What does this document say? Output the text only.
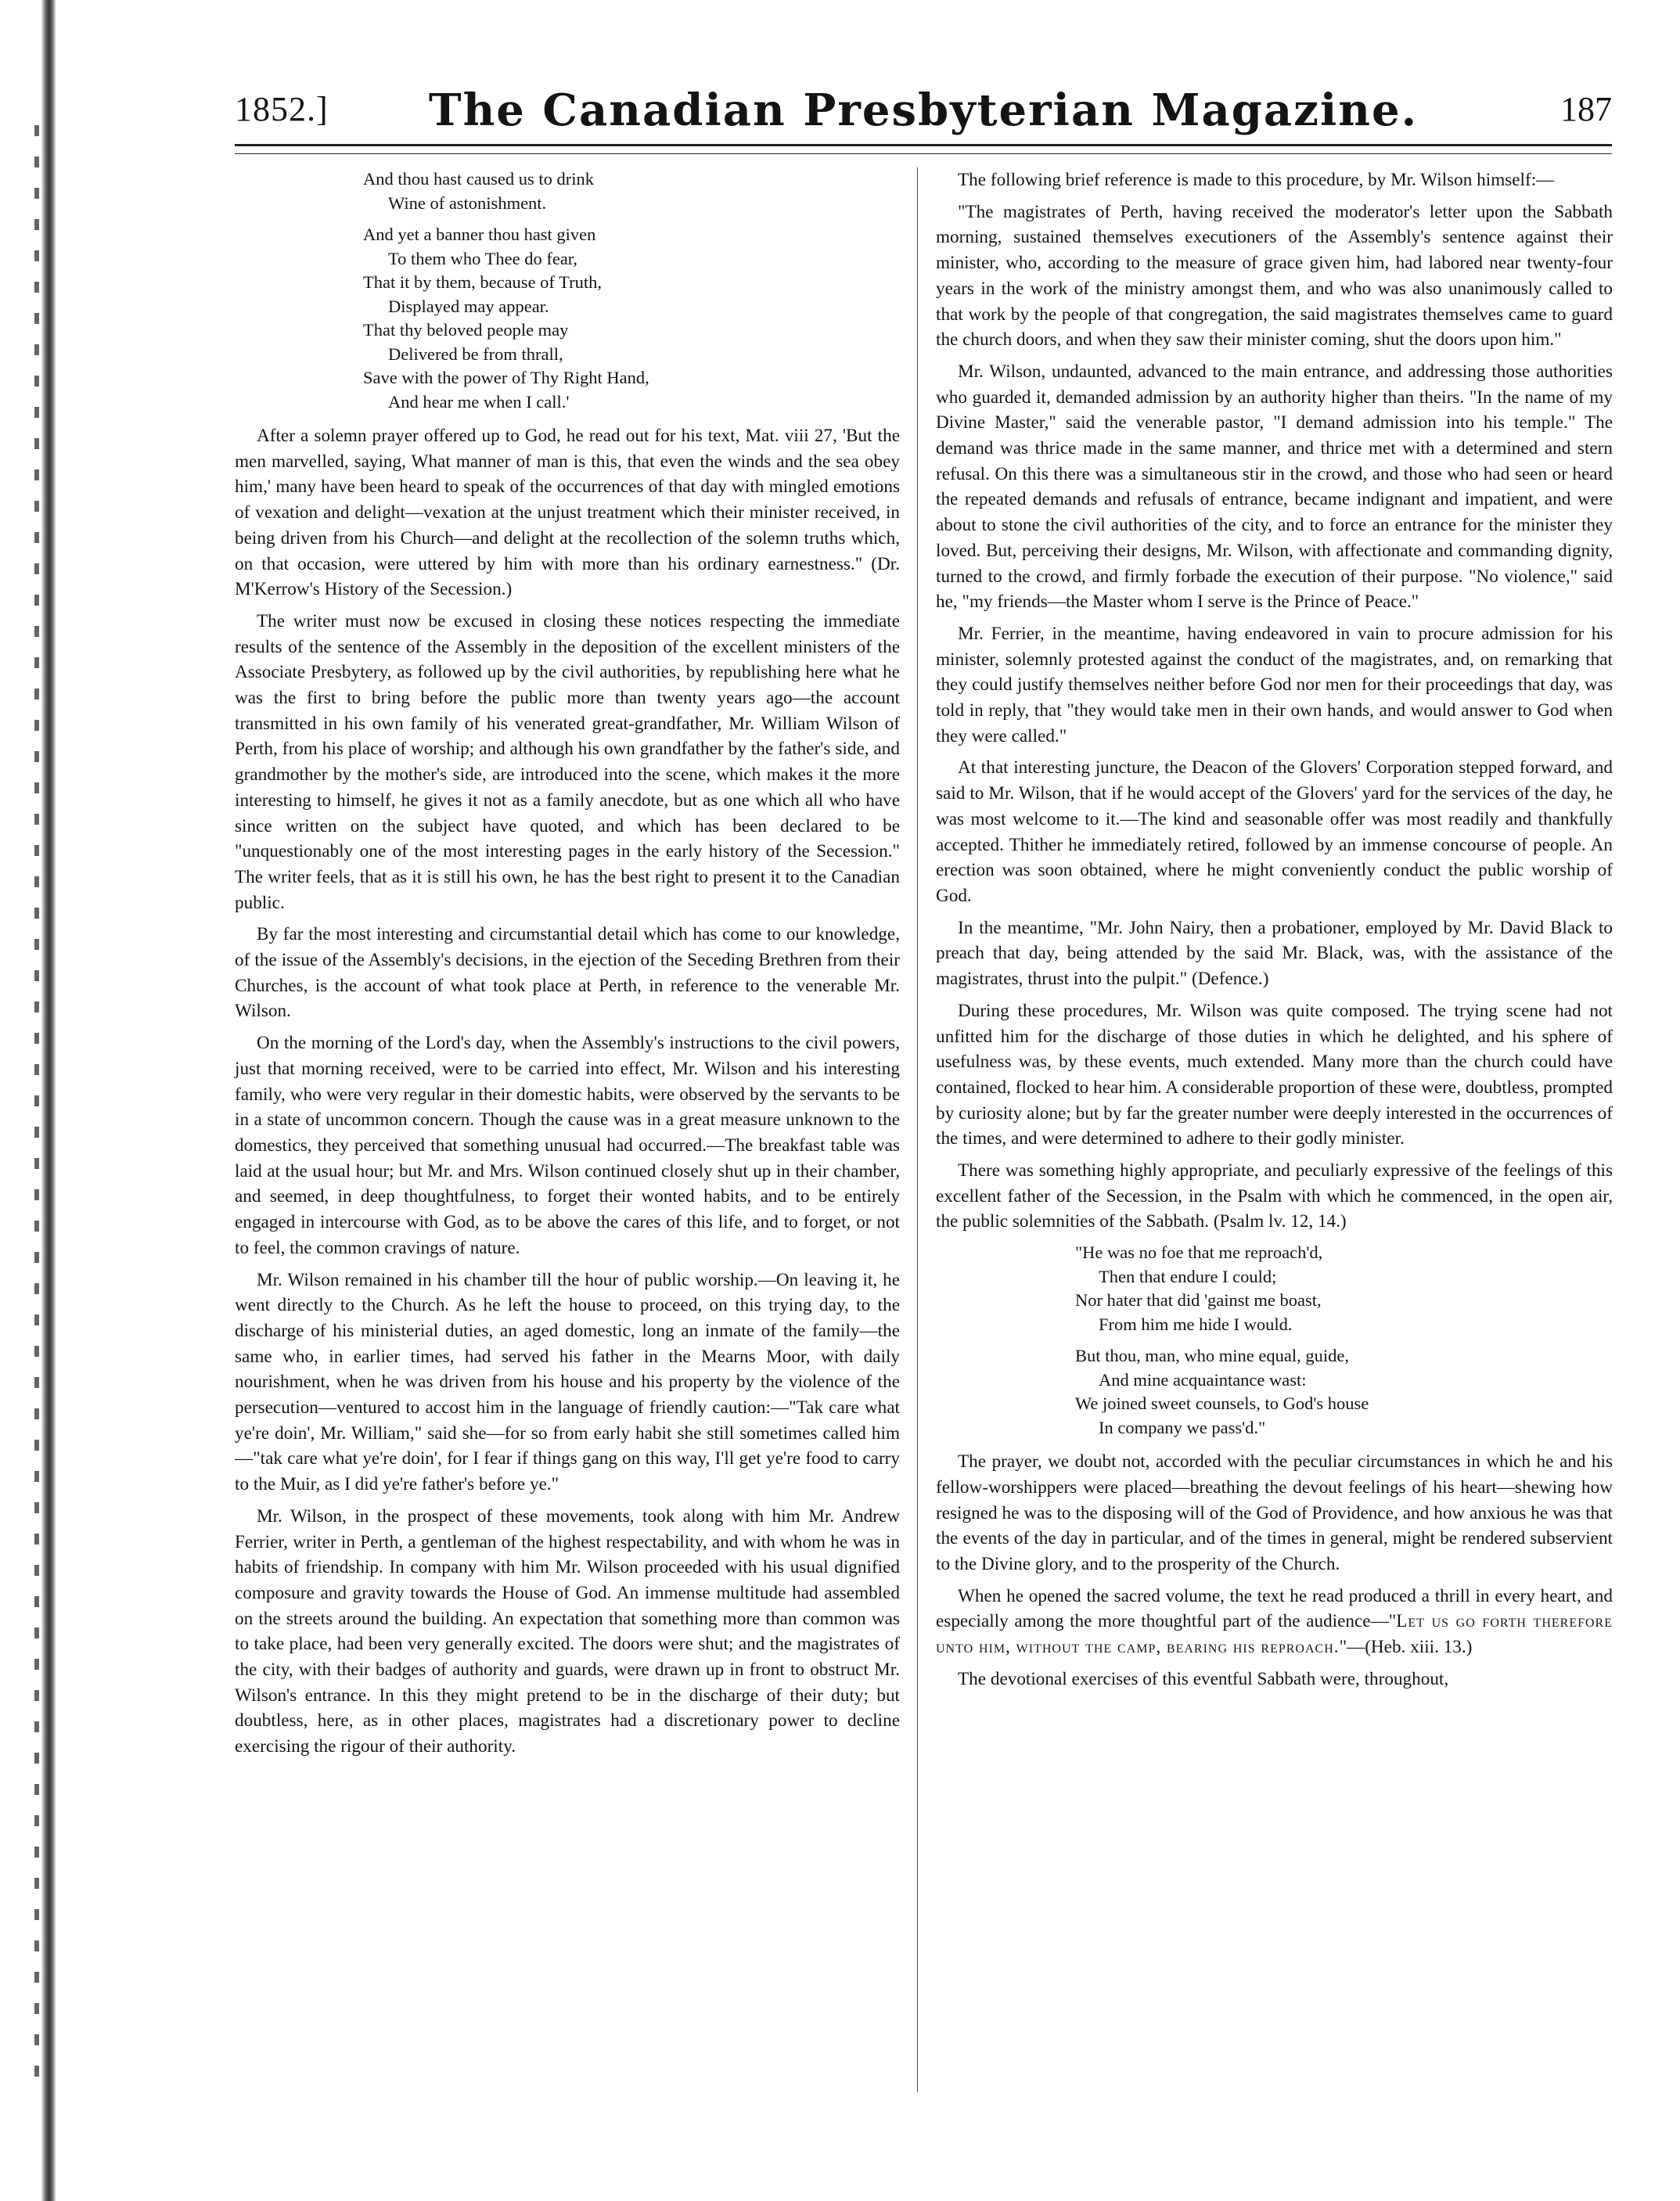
1852.]	The Canadian Presbyterian Magazine.	187
And thou hast caused us to drink
Wine of astonishment.
And yet a banner thou hast given
To them who Thee do fear,
That it by them, because of Truth,
Displayed may appear.
That thy beloved people may
Delivered be from thrall,
Save with the power of Thy Right Hand,
And hear me when I call.'

After a solemn prayer offered up to God, he read out for his text, Mat. viii 27, 'But the men marvelled, saying, What manner of man is this, that even the winds and the sea obey him,' many have been heard to speak of the occurrences of that day with mingled emotions of vexation and delight—vexation at the unjust treatment which their minister received, in being driven from his Church—and delight at the recollection of the solemn truths which, on that occasion, were uttered by him with more than his ordinary earnestness." (Dr. M'Kerrow's History of the Secession.)

The writer must now be excused in closing these notices respecting the immediate results of the sentence of the Assembly in the deposition of the excellent ministers of the Associate Presbytery, as followed up by the civil authorities, by republishing here what he was the first to bring before the public more than twenty years ago—the account transmitted in his own family of his venerated great-grandfather, Mr. William Wilson of Perth, from his place of worship; and although his own grandfather by the father's side, and grandmother by the mother's side, are introduced into the scene, which makes it the more interesting to himself, he gives it not as a family anecdote, but as one which all who have since written on the subject have quoted, and which has been declared to be "unquestionably one of the most interesting pages in the early history of the Secession." The writer feels, that as it is still his own, he has the best right to present it to the Canadian public.

By far the most interesting and circumstantial detail which has come to our knowledge, of the issue of the Assembly's decisions, in the ejection of the Seceding Brethren from their Churches, is the account of what took place at Perth, in reference to the venerable Mr. Wilson.

On the morning of the Lord's day, when the Assembly's instructions to the civil powers, just that morning received, were to be carried into effect, Mr. Wilson and his interesting family, who were very regular in their domestic habits, were observed by the servants to be in a state of uncommon concern. Though the cause was in a great measure unknown to the domestics, they perceived that something unusual had occurred.—The breakfast table was laid at the usual hour; but Mr. and Mrs. Wilson continued closely shut up in their chamber, and seemed, in deep thoughtfulness, to forget their wonted habits, and to be entirely engaged in intercourse with God, as to be above the cares of this life, and to forget, or not to feel, the common cravings of nature.

Mr. Wilson remained in his chamber till the hour of public worship.—On leaving it, he went directly to the Church. As he left the house to proceed, on this trying day, to the discharge of his ministerial duties, an aged domestic, long an inmate of the family—the same who, in earlier times, had served his father in the Mearns Moor, with daily nourishment, when he was driven from his house and his property by the violence of the persecution—ventured to accost him in the language of friendly caution:—"Tak care what ye're doin', Mr. William," said she—for so from early habit she still sometimes called him—"tak care what ye're doin', for I fear if things gang on this way, I'll get ye're food to carry to the Muir, as I did ye're father's before ye."

Mr. Wilson, in the prospect of these movements, took along with him Mr. Andrew Ferrier, writer in Perth, a gentleman of the highest respectability, and with whom he was in habits of friendship. In company with him Mr. Wilson proceeded with his usual dignified composure and gravity towards the House of God. An immense multitude had assembled on the streets around the building. An expectation that something more than common was to take place, had been very generally excited. The doors were shut; and the magistrates of the city, with their badges of authority and guards, were drawn up in front to obstruct Mr. Wilson's entrance. In this they might pretend to be in the discharge of their duty; but doubtless, here, as in other places, magistrates had a discretionary power to decline exercising the rigour of their authority.

The following brief reference is made to this procedure, by Mr. Wilson himself:—

"The magistrates of Perth, having received the moderator's letter upon the Sabbath morning, sustained themselves executioners of the Assembly's sentence against their minister, who, according to the measure of grace given him, had labored near twenty-four years in the work of the ministry amongst them, and who was also unanimously called to that work by the people of that congregation, the said magistrates themselves came to guard the church doors, and when they saw their minister coming, shut the doors upon him."

Mr. Wilson, undaunted, advanced to the main entrance, and addressing those authorities who guarded it, demanded admission by an authority higher than theirs. "In the name of my Divine Master," said the venerable pastor, "I demand admission into his temple." The demand was thrice made in the same manner, and thrice met with a determined and stern refusal. On this there was a simultaneous stir in the crowd, and those who had seen or heard the repeated demands and refusals of entrance, became indignant and impatient, and were about to stone the civil authorities of the city, and to force an entrance for the minister they loved. But, perceiving their designs, Mr. Wilson, with affectionate and commanding dignity, turned to the crowd, and firmly forbade the execution of their purpose. "No violence," said he, "my friends—the Master whom I serve is the Prince of Peace."

Mr. Ferrier, in the meantime, having endeavored in vain to procure admission for his minister, solemnly protested against the conduct of the magistrates, and, on remarking that they could justify themselves neither before God nor men for their proceedings that day, was told in reply, that "they would take men in their own hands, and would answer to God when they were called."

At that interesting juncture, the Deacon of the Glovers' Corporation stepped forward, and said to Mr. Wilson, that if he would accept of the Glovers' yard for the services of the day, he was most welcome to it.—The kind and seasonable offer was most readily and thankfully accepted. Thither he immediately retired, followed by an immense concourse of people. An erection was soon obtained, where he might conveniently conduct the public worship of God.

In the meantime, "Mr. John Nairy, then a probationer, employed by Mr. David Black to preach that day, being attended by the said Mr. Black, was, with the assistance of the magistrates, thrust into the pulpit." (Defence.)

During these procedures, Mr. Wilson was quite composed. The trying scene had not unfitted him for the discharge of those duties in which he delighted, and his sphere of usefulness was, by these events, much extended. Many more than the church could have contained, flocked to hear him. A considerable proportion of these were, doubtless, prompted by curiosity alone; but by far the greater number were deeply interested in the occurrences of the times, and were determined to adhere to their godly minister.

There was something highly appropriate, and peculiarly expressive of the feelings of this excellent father of the Secession, in the Psalm with which he commenced, in the open air, the public solemnities of the Sabbath. (Psalm lv. 12, 14.)

"He was no foe that me reproach'd,
Then that endure I could;
Nor hater that did 'gainst me boast,
From him me hide I would.
But thou, man, who mine equal, guide,
And mine acquaintance wast:
We joined sweet counsels, to God's house
In company we pass'd."

The prayer, we doubt not, accorded with the peculiar circumstances in which he and his fellow-worshippers were placed—breathing the devout feelings of his heart—shewing how resigned he was to the disposing will of the God of Providence, and how anxious he was that the events of the day in particular, and of the times in general, might be rendered subservient to the Divine glory, and to the prosperity of the Church.

When he opened the sacred volume, the text he read produced a thrill in every heart, and especially among the more thoughtful part of the audience—"Let us go forth therefore unto him, without the camp, bearing his reproach."—(Heb. xiii. 13.)

The devotional exercises of this eventful Sabbath were, throughout,
